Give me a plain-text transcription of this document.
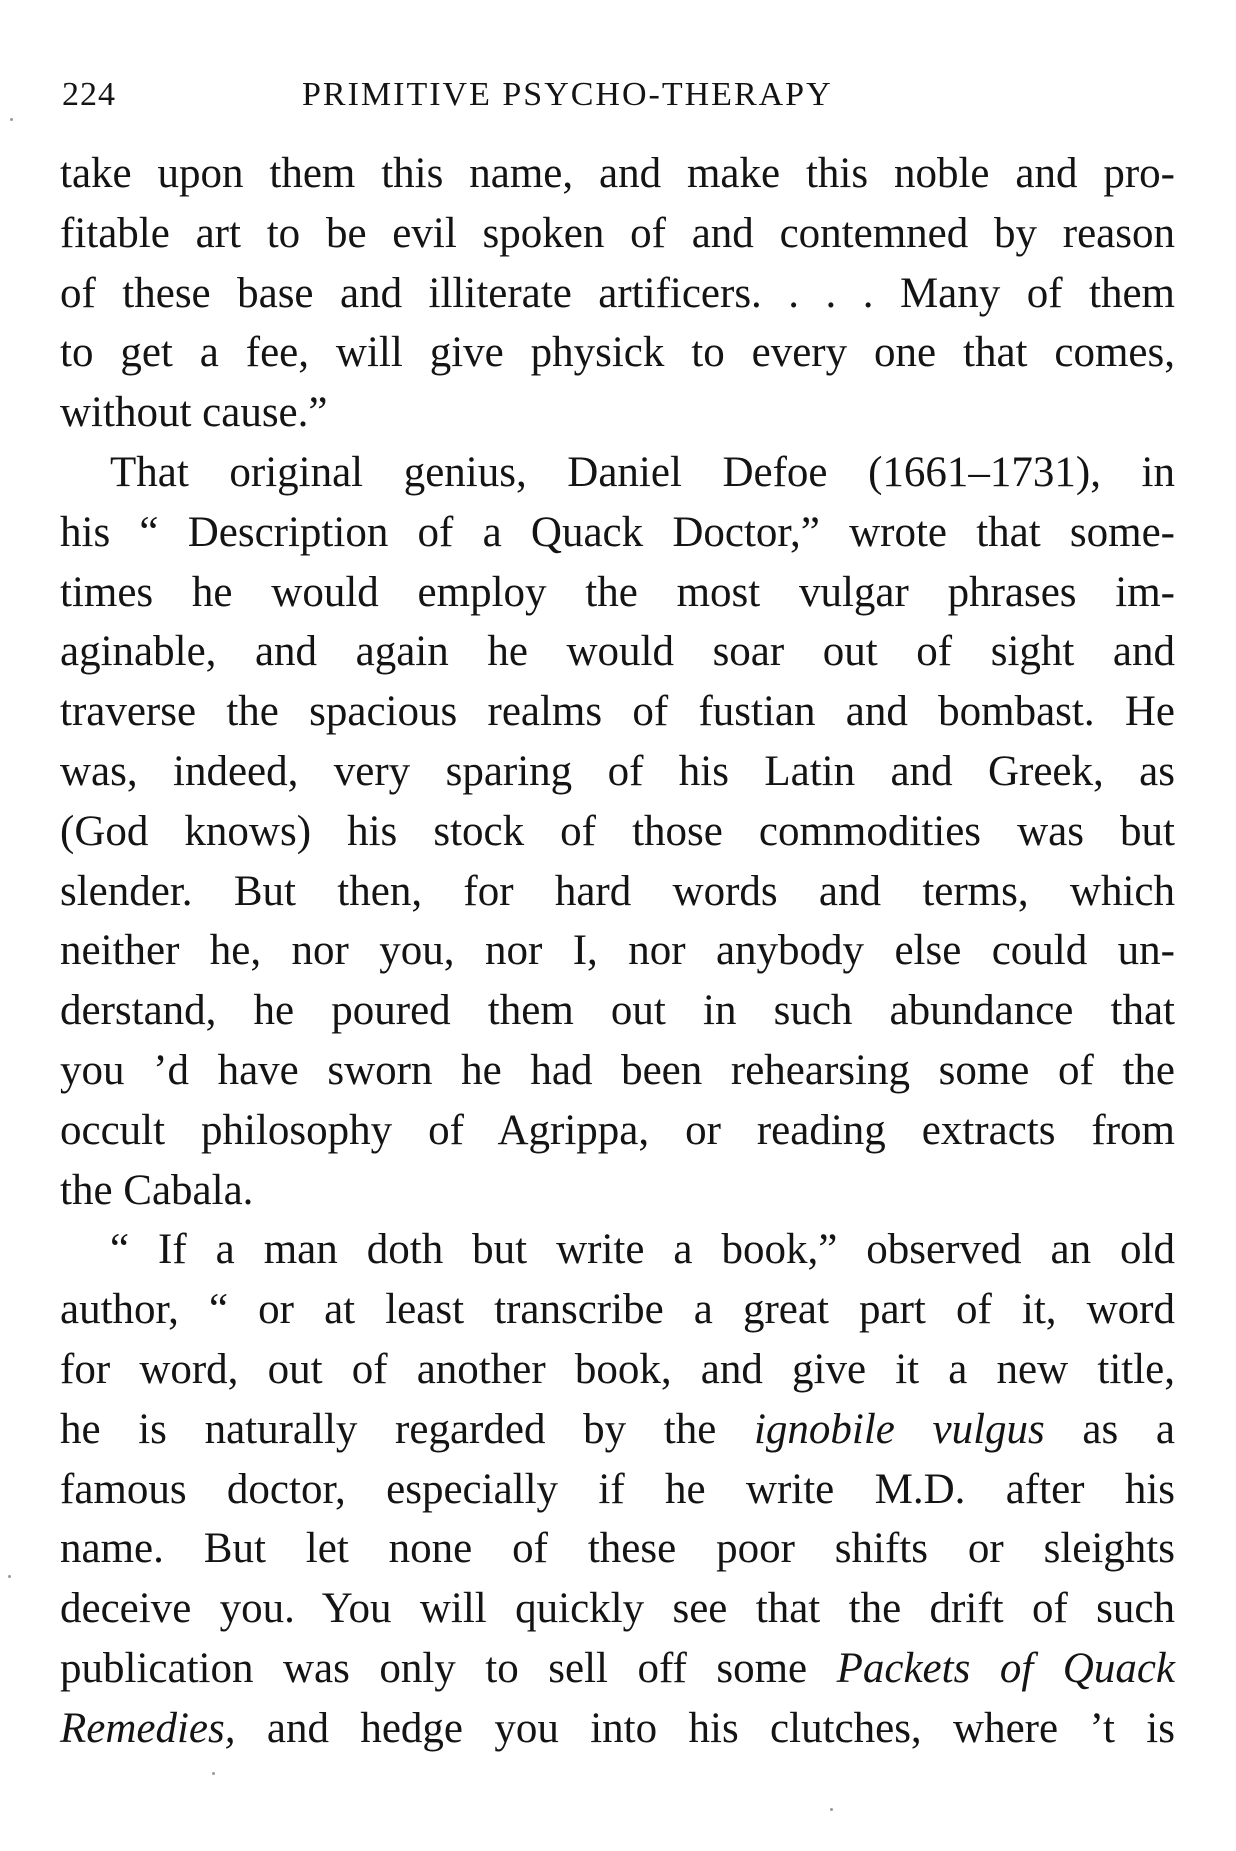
224	PRIMITIVE PSYCHO-THERAPY
take upon them this name, and make this noble and pro-
fitable art to be evil spoken of and contemned by reason
of these base and illiterate artificers. . . . Many of them
to get a fee, will give physick to every one that comes,
without cause.”
That original genius, Daniel Defoe (1661–1731), in
his “ Description of a Quack Doctor,” wrote that some-
times he would employ the most vulgar phrases im-
aginable, and again he would soar out of sight and
traverse the spacious realms of fustian and bombast. He
was, indeed, very sparing of his Latin and Greek, as
(God knows) his stock of those commodities was but
slender. But then, for hard words and terms, which
neither he, nor you, nor I, nor anybody else could un-
derstand, he poured them out in such abundance that
you ’d have sworn he had been rehearsing some of the
occult philosophy of Agrippa, or reading extracts from
the Cabala.
“ If a man doth but write a book,” observed an old
author, “ or at least transcribe a great part of it, word
for word, out of another book, and give it a new title,
he is naturally regarded by the ignobile vulgus as a
famous doctor, especially if he write M.D. after his
name. But let none of these poor shifts or sleights
deceive you. You will quickly see that the drift of such
publication was only to sell off some Packets of Quack
Remedies, and hedge you into his clutches, where ’t is
